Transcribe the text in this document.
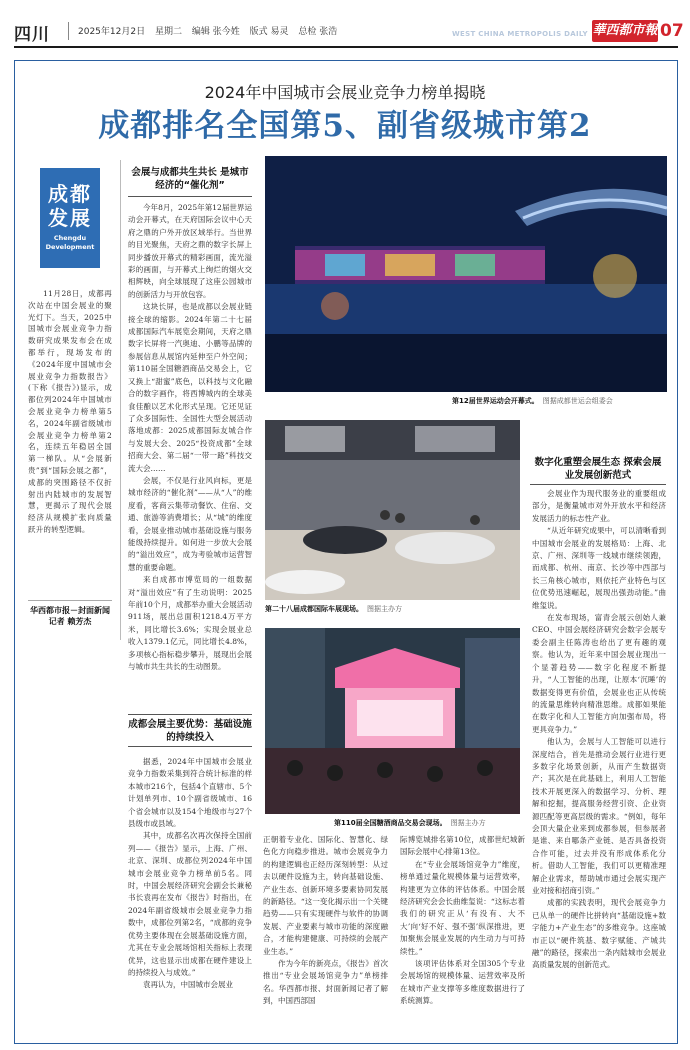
四川	2025年12月2日 星期二 编辑 张今姓 版式 易灵 总检 张浩	WEST CHINA METROPOLIS DAILY 華西都市報 07
2024年中国城市会展业竞争力榜单揭晓
成都排名全国第5、副省级城市第2
成都发展
Chengdu Development

11月28日，成都再次站在中国会展业的聚光灯下。当天，2025中国城市会展业竞争力指数研究成果发布会在成都举行，现场发布的《2024年度中国城市会展业竞争力指数报告》(下称《报告》)显示，成都位列2024年中国城市会展业竞争力榜单第5名，2024年副省级城市会展业竞争力榜单第2名，连续五年稳居全国第一梯队。从“会展新贵”到“国际会展之都”，成都的突围路径不仅折射出内陆城市的发展智慧，更揭示了现代会展经济从规模扩张向质量跃升的转型逻辑。

华西都市报－封面新闻记者 赖芳杰
会展与成都共生共长 是城市经济的“催化剂”

今年8月，2025年第12届世界运动会开幕式，在天府国际会议中心天府之鼎的户外开放区域举行。当世界的目光聚焦，天府之鼎的数字长屏上同步播放开幕式的精彩画面，流光溢彩的画面，与开幕式上绚烂的烟火交相辉映，向全球展现了这座公园城市的创新活力与开放包容。

这块长屏，也是成都以会展业链接全球的缩影。2024年第二十七届成都国际汽车展览会期间，天府之鼎数字长屏将一汽奥迪、小鹏等品牌的参展信息从展馆内延伸至户外空间；第110届全国糖酒商品交易会上，它又换上“甜蜜”底色，以科技与文化融合的数字画作，将西博城内的全球美食佳酿以艺术化形式呈现。它还见证了众多国际性、全国性大型会展活动落地成都：2025成都国际友城合作与发展大会、2025“投资成都”全球招商大会、第二届“一带一路”科技交流大会……

会展，不仅是行业风向标，更是城市经济的“催化剂”——从“人”的维度看，客商云集带动餐饮、住宿、交通、旅游等消费增长；从“城”的维度看，会展业推动城市基础设施与服务能级持续提升。如何进一步放大会展的“溢出效应”，成为考验城市运营智慧的重要命题。

来自成都市博览局的一组数据对“溢出效应”有了生动说明：2025年前10个月，成都举办重大会展活动911场，展出总面积1218.4万平方米，同比增长3.6%；实现会展业总收入1379.1亿元，同比增长4.8%，多项核心指标稳步攀升，展现出会展与城市共生共长的生动图景。

成都会展主要优势：基础设施的持续投入

据悉，2024年中国城市会展业竞争力指数采集到符合统计标准的样本城市216个，包括4个直辖市、5个计划单列市、10个副省级城市、16个省会城市以及154个地级市与27个县级市或县域。

其中，成都名次再次保持全国前列——《报告》显示，上海、广州、北京、深圳、成都位列2024年中国城市会展业竞争力榜单前5名。同时，中国会展经济研究会副会长兼秘书长袁再在发布《报告》时指出，在2024年副省级城市会展业竞争力指数中，成都位列第2名，“成都的竞争优势主要体现在会展基础设施方面，尤其在专业会展场馆相关指标上表现优异，这也显示出成都在硬件建设上的持续投入与成效。”

袁再认为，中国城市会展业

第12届世界运动会开幕式。 图据成都世运会组委会
第二十八届成都国际车展现场。 图据主办方
第110届全国糖酒商品交易会现场。 图据主办方

正朝着专业化、国际化、智慧化、绿色化方向稳步推进。城市会展竞争力的构建逻辑也正经历深刻转型：从过去以硬件设施为主，转向基础设施、产业生态、创新环境多要素协同发展的新路径。“这一变化揭示出一个关键趋势——只有实现硬件与软件的协调发展、产业要素与城市功能的深度融合，才能构建健康、可持续的会展产业生态。”

作为今年的新亮点，《报告》首次推出“专业会展场馆竞争力”单榜排名。华西都市报、封面新闻记者了解到，中国西部国

际博览城排名第10位，成都世纪城新国际会展中心排第13位。

在“专业会展场馆竞争力”维度，榜单通过量化规模体量与运营效率，构建更为立体的评估体系。中国会展经济研究会会长曲维玺说：“这标志着我们的研究正从‘有没有、大不大’向‘好不好、强不强’纵深推进，更加聚焦会展业发展的内生动力与可持续性。”

该项评估体系对全国305个专业会展场馆的规模体量、运营效率及所在城市产业支撑等多维度数据进行了系统测算。

数字化重塑会展生态 探索会展业发展创新范式

会展业作为现代服务业的重要组成部分，是衡量城市对外开放水平和经济发展活力的标志性产业。

“从近年研究成果中，可以清晰看到中国城市会展业的发展格局：上海、北京、广州、深圳等一线城市继续领跑，而成都、杭州、南京、长沙等中西部与长三角核心城市，则依托产业特色与区位优势迅速崛起，展现出强劲动能。”曲维玺说。

在发布现场，富青会展云创始人兼CEO、中国会展经济研究会数字会展专委会副主任陈涛也给出了更有趣的观察。他认为，近年来中国会展业现出一个显著趋势——数字化程度不断提升，“人工智能的出现，让原本‘沉睡’的数据变得更有价值，会展业也正从传统的流量思维转向精准思维。成都如果能在数字化和人工智能方向加强布局，将更具竞争力。”

他认为，会展与人工智能可以进行深度结合，首先是推动会展行业进行更多数字化场景创新，从而产生数据资产；其次是在此基础上，利用人工智能技术开展更深入的数据学习、分析、理解和挖掘，提高服务经营引资、企业资源匹配等更高层级的需求。“例如，每年会顶大量企业来到成都参展，但参展者是谁、来自哪条产业链、是否具备投资合作可能，过去并没有形成体系化分析。借助人工智能，我们可以更精准理解企业需求，帮助城市通过会展实现产业对接和招商引资。”

成都的实践表明，现代会展竞争力已从单一的硬件比拼转向“基础设施+数字能力+产业生态”的多维竞争。这座城市正以“硬件筑基、数字赋能、产城共融”的路径，探索出一条内陆城市会展业高质量发展的创新范式。
